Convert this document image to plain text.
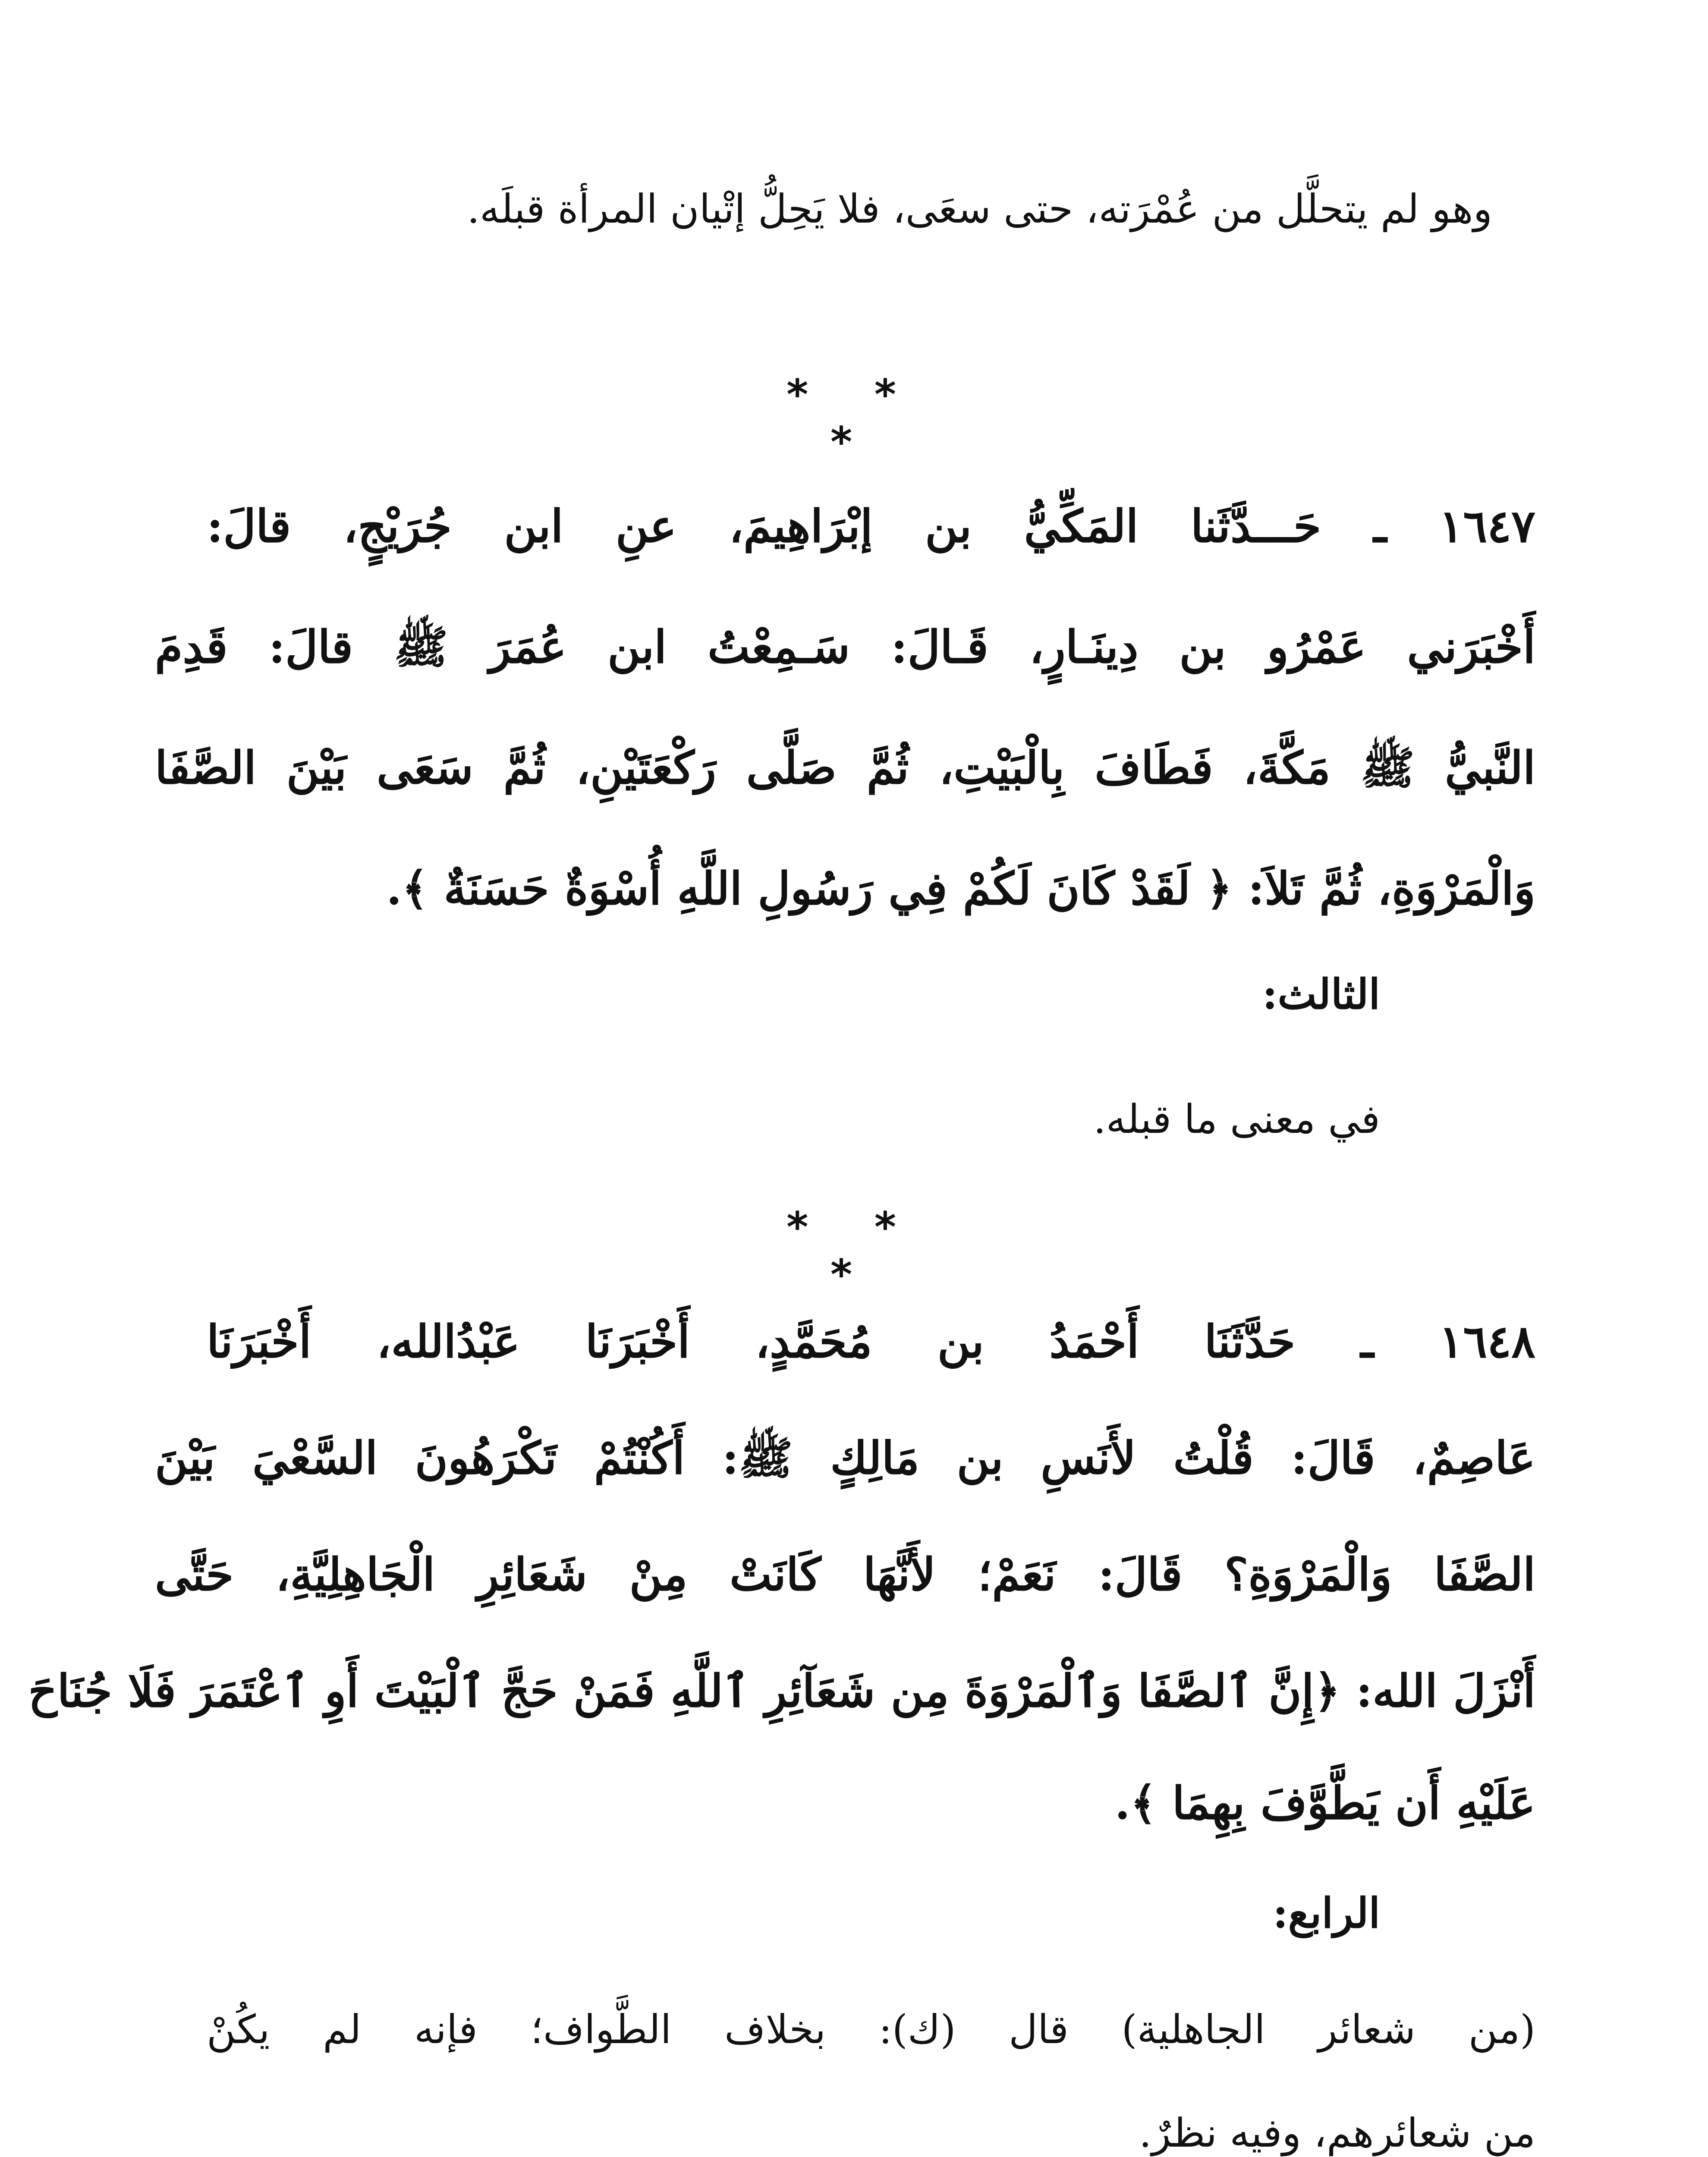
وهو لم يتحلَّل من عُمْرَته، حتى سعَى، فلا يَحِلُّ إتْيان المرأة قبلَه.
* * *
١٦٤٧ ـ حَـــدَّثَنا المَكِّيُّ بن إبْرَاهِيمَ، عنِ ابن جُرَيْجٍ، قالَ:
أَخْبَرَني عَمْرُو بن دِينَـارٍ، قَـالَ: سَـمِعْتُ ابن عُمَرَ ﷺ قالَ: قَدِمَ
النَّبيُّ ﷺ مَكَّةَ، فَطَافَ بِالْبَيْتِ، ثُمَّ صَلَّى رَكْعَتَيْنِ، ثُمَّ سَعَى بَيْنَ الصَّفَا
وَالْمَرْوَةِ، ثُمَّ تَلاَ: ﴿ لَقَدْ كَانَ لَكُمْ فِي رَسُولِ اللَّهِ أُسْوَةٌ حَسَنَةٌ ﴾.
الثالث:
في معنى ما قبله.
* * *
١٦٤٨ ـ حَدَّثَنَا أَحْمَدُ بن مُحَمَّدٍ، أَخْبَرَنَا عَبْدُالله، أَخْبَرَنَا
عَاصِمٌ، قَالَ: قُلْتُ لأَنَسِ بن مَالِكٍ ﷺ: أَكُنْتُمْ تَكْرَهُونَ السَّعْيَ بَيْنَ
الصَّفَا وَالْمَرْوَةِ؟ قَالَ: نَعَمْ؛ لأَنَّهَا كَانَتْ مِنْ شَعَائِرِ الْجَاهِلِيَّةِ، حَتَّى
أَنْزَلَ الله: ﴿إِنَّ ٱلصَّفَا وَٱلْمَرْوَةَ مِن شَعَآئِرِ ٱللَّهِ فَمَنْ حَجَّ ٱلْبَيْتَ أَوِ ٱعْتَمَرَ فَلَا جُنَاحَ
عَلَيْهِ أَن يَطَّوَّفَ بِهِمَا ﴾.
الرابع:
(من شعائر الجاهلية) قال (ك): بخلاف الطَّواف؛ فإنه لم يكُنْ
من شعائرهم، وفيه نظرٌ.
